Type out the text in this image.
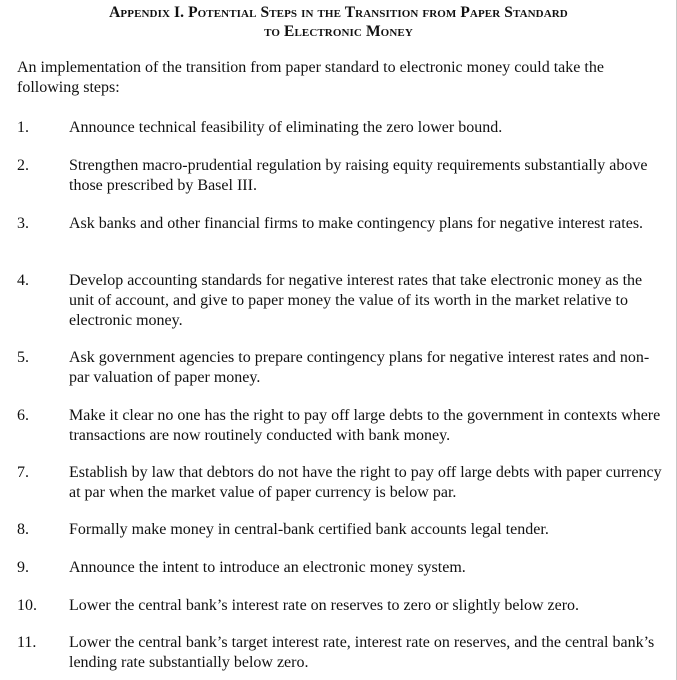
Appendix I. Potential Steps in the Transition from Paper Standard
to Electronic Money
An implementation of the transition from paper standard to electronic money could take the following steps:
1.	Announce technical feasibility of eliminating the zero lower bound.
2.	Strengthen macro-prudential regulation by raising equity requirements substantially above those prescribed by Basel III.
3.	Ask banks and other financial firms to make contingency plans for negative interest rates.
4.	Develop accounting standards for negative interest rates that take electronic money as the unit of account, and give to paper money the value of its worth in the market relative to electronic money.
5.	Ask government agencies to prepare contingency plans for negative interest rates and non-par valuation of paper money.
6.	Make it clear no one has the right to pay off large debts to the government in contexts where transactions are now routinely conducted with bank money.
7.	Establish by law that debtors do not have the right to pay off large debts with paper currency at par when the market value of paper currency is below par.
8.	Formally make money in central-bank certified bank accounts legal tender.
9.	Announce the intent to introduce an electronic money system.
10.	Lower the central bank’s interest rate on reserves to zero or slightly below zero.
11.	Lower the central bank’s target interest rate, interest rate on reserves, and the central bank’s lending rate substantially below zero.
